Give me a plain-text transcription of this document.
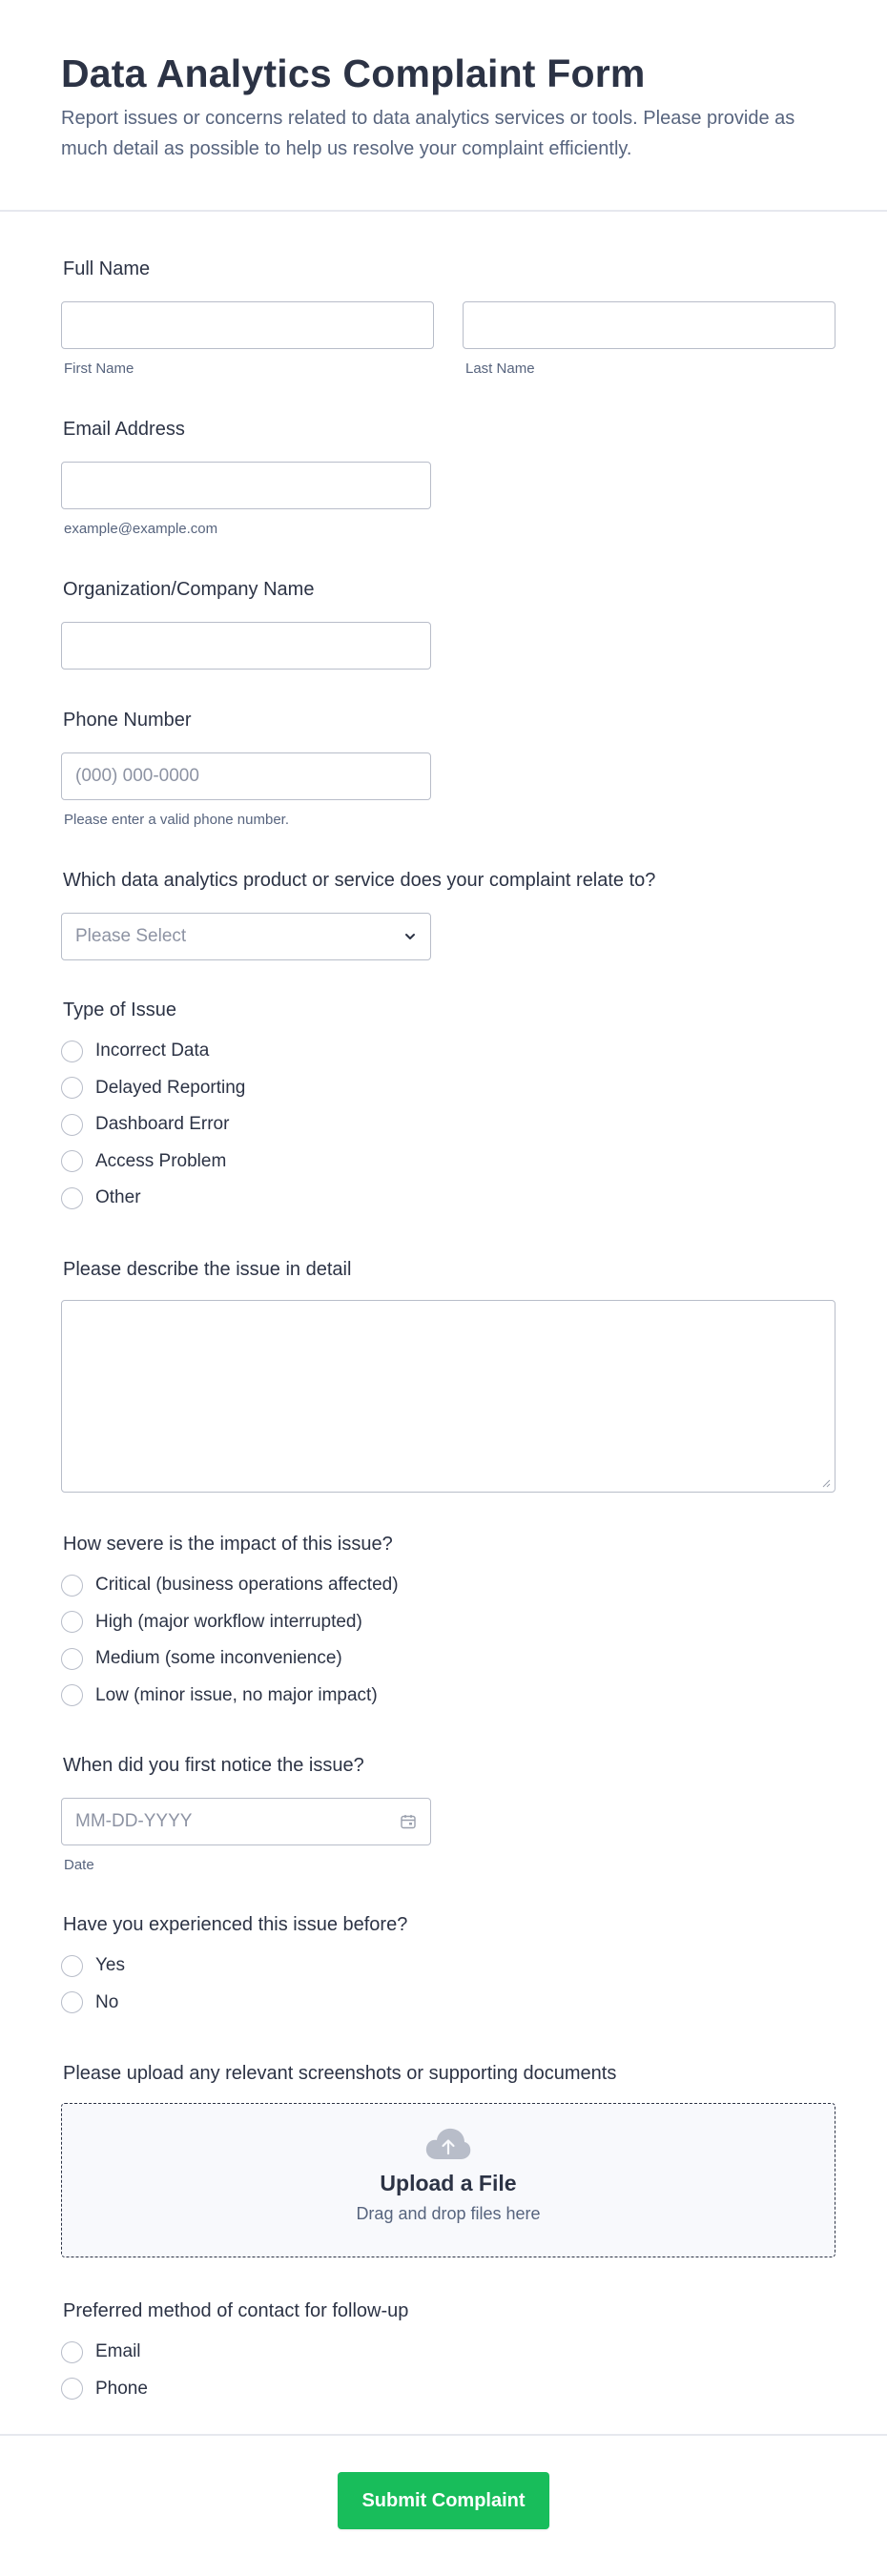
Data Analytics Complaint Form

Report issues or concerns related to data analytics services or tools. Please provide as much detail as possible to help us resolve your complaint efficiently.

Full Name
First Name	Last Name
Email Address
example@example.com
Organization/Company Name
Phone Number
(000) 000-0000
Please enter a valid phone number.
Which data analytics product or service does your complaint relate to?
Please Select
Type of Issue
Incorrect Data
Delayed Reporting
Dashboard Error
Access Problem
Other
Please describe the issue in detail
How severe is the impact of this issue?
Critical (business operations affected)
High (major workflow interrupted)
Medium (some inconvenience)
Low (minor issue, no major impact)
When did you first notice the issue?
MM-DD-YYYY
Date
Have you experienced this issue before?
Yes
No
Please upload any relevant screenshots or supporting documents
Upload a File
Drag and drop files here
Preferred method of contact for follow-up
Email
Phone
Submit Complaint
